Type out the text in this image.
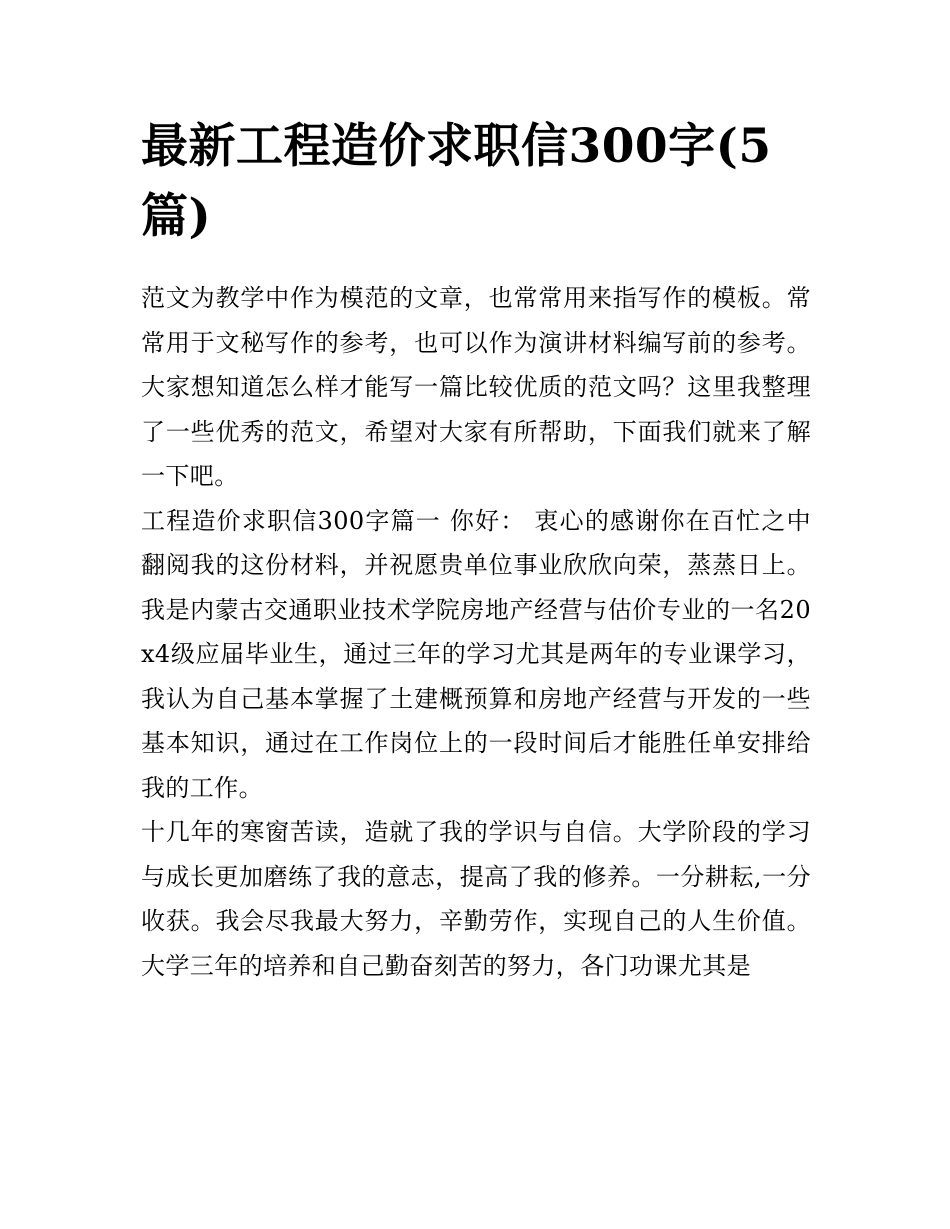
最新工程造价求职信300字(5篇)

范文为教学中作为模范的文章，也常常用来指写作的模板。常常用于文秘写作的参考，也可以作为演讲材料编写前的参考。大家想知道怎么样才能写一篇比较优质的范文吗？这里我整理了一些优秀的范文，希望对大家有所帮助，下面我们就来了解一下吧。

工程造价求职信300字篇一 你好： 衷心的感谢你在百忙之中翻阅我的这份材料，并祝愿贵单位事业欣欣向荣，蒸蒸日上。我是内蒙古交通职业技术学院房地产经营与估价专业的一名20x4级应届毕业生，通过三年的学习尤其是两年的专业课学习，我认为自己基本掌握了土建概预算和房地产经营与开发的一些基本知识，通过在工作岗位上的一段时间后才能胜任单安排给我的工作。

十几年的寒窗苦读，造就了我的学识与自信。大学阶段的学习与成长更加磨练了我的意志，提高了我的修养。一分耕耘,一分收获。我会尽我最大努力，辛勤劳作，实现自己的人生价值。大学三年的培养和自己勤奋刻苦的努力，各门功课尤其是
